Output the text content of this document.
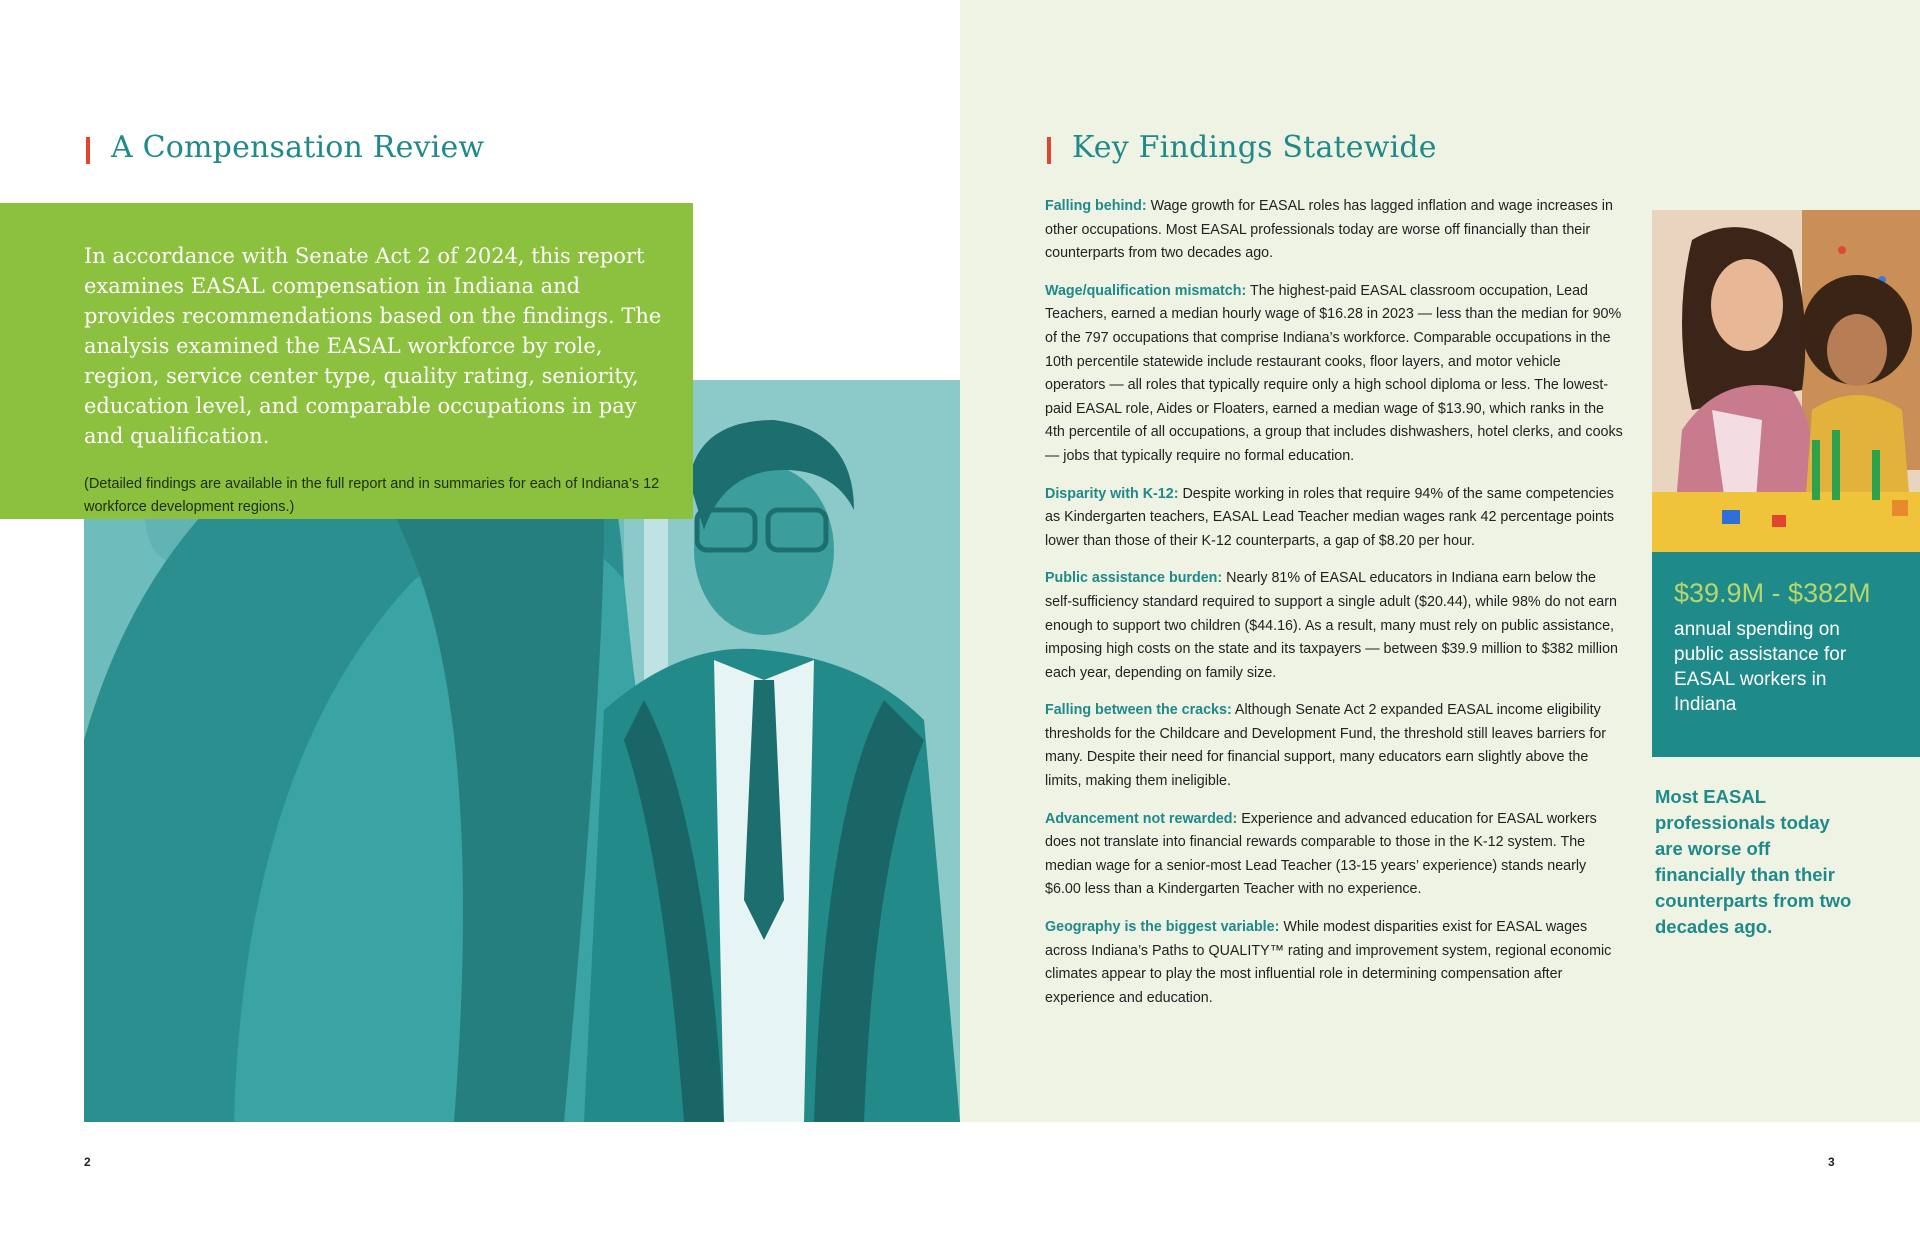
A Compensation Review

In accordance with Senate Act 2 of 2024, this report examines EASAL compensation in Indiana and provides recommendations based on the findings. The analysis examined the EASAL workforce by role, region, service center type, quality rating, seniority, education level, and comparable occupations in pay and qualification.

(Detailed findings are available in the full report and in summaries for each of Indiana’s 12 workforce development regions.)

2
Key Findings Statewide

Falling behind: Wage growth for EASAL roles has lagged inflation and wage increases in other occupations. Most EASAL professionals today are worse off financially than their counterparts from two decades ago.

Wage/qualification mismatch: The highest-paid EASAL classroom occupation, Lead Teachers, earned a median hourly wage of $16.28 in 2023 — less than the median for 90% of the 797 occupations that comprise Indiana’s workforce. Comparable occupations in the 10th percentile statewide include restaurant cooks, floor layers, and motor vehicle operators — all roles that typically require only a high school diploma or less. The lowest-paid EASAL role, Aides or Floaters, earned a median wage of $13.90, which ranks in the 4th percentile of all occupations, a group that includes dishwashers, hotel clerks, and cooks — jobs that typically require no formal education.

Disparity with K-12: Despite working in roles that require 94% of the same competencies as Kindergarten teachers, EASAL Lead Teacher median wages rank 42 percentage points lower than those of their K-12 counterparts, a gap of $8.20 per hour.

Public assistance burden: Nearly 81% of EASAL educators in Indiana earn below the self-sufficiency standard required to support a single adult ($20.44), while 98% do not earn enough to support two children ($44.16). As a result, many must rely on public assistance, imposing high costs on the state and its taxpayers — between $39.9 million to $382 million each year, depending on family size.

Falling between the cracks: Although Senate Act 2 expanded EASAL income eligibility thresholds for the Childcare and Development Fund, the threshold still leaves barriers for many. Despite their need for financial support, many educators earn slightly above the limits, making them ineligible.

Advancement not rewarded: Experience and advanced education for EASAL workers does not translate into financial rewards comparable to those in the K-12 system. The median wage for a senior-most Lead Teacher (13-15 years’ experience) stands nearly $6.00 less than a Kindergarten Teacher with no experience.

Geography is the biggest variable: While modest disparities exist for EASAL wages across Indiana’s Paths to QUALITY™ rating and improvement system, regional economic climates appear to play the most influential role in determining compensation after experience and education.

$39.9M - $382M

annual spending on public assistance for EASAL workers in Indiana

Most EASAL professionals today are worse off financially than their counterparts from two decades ago.

3
